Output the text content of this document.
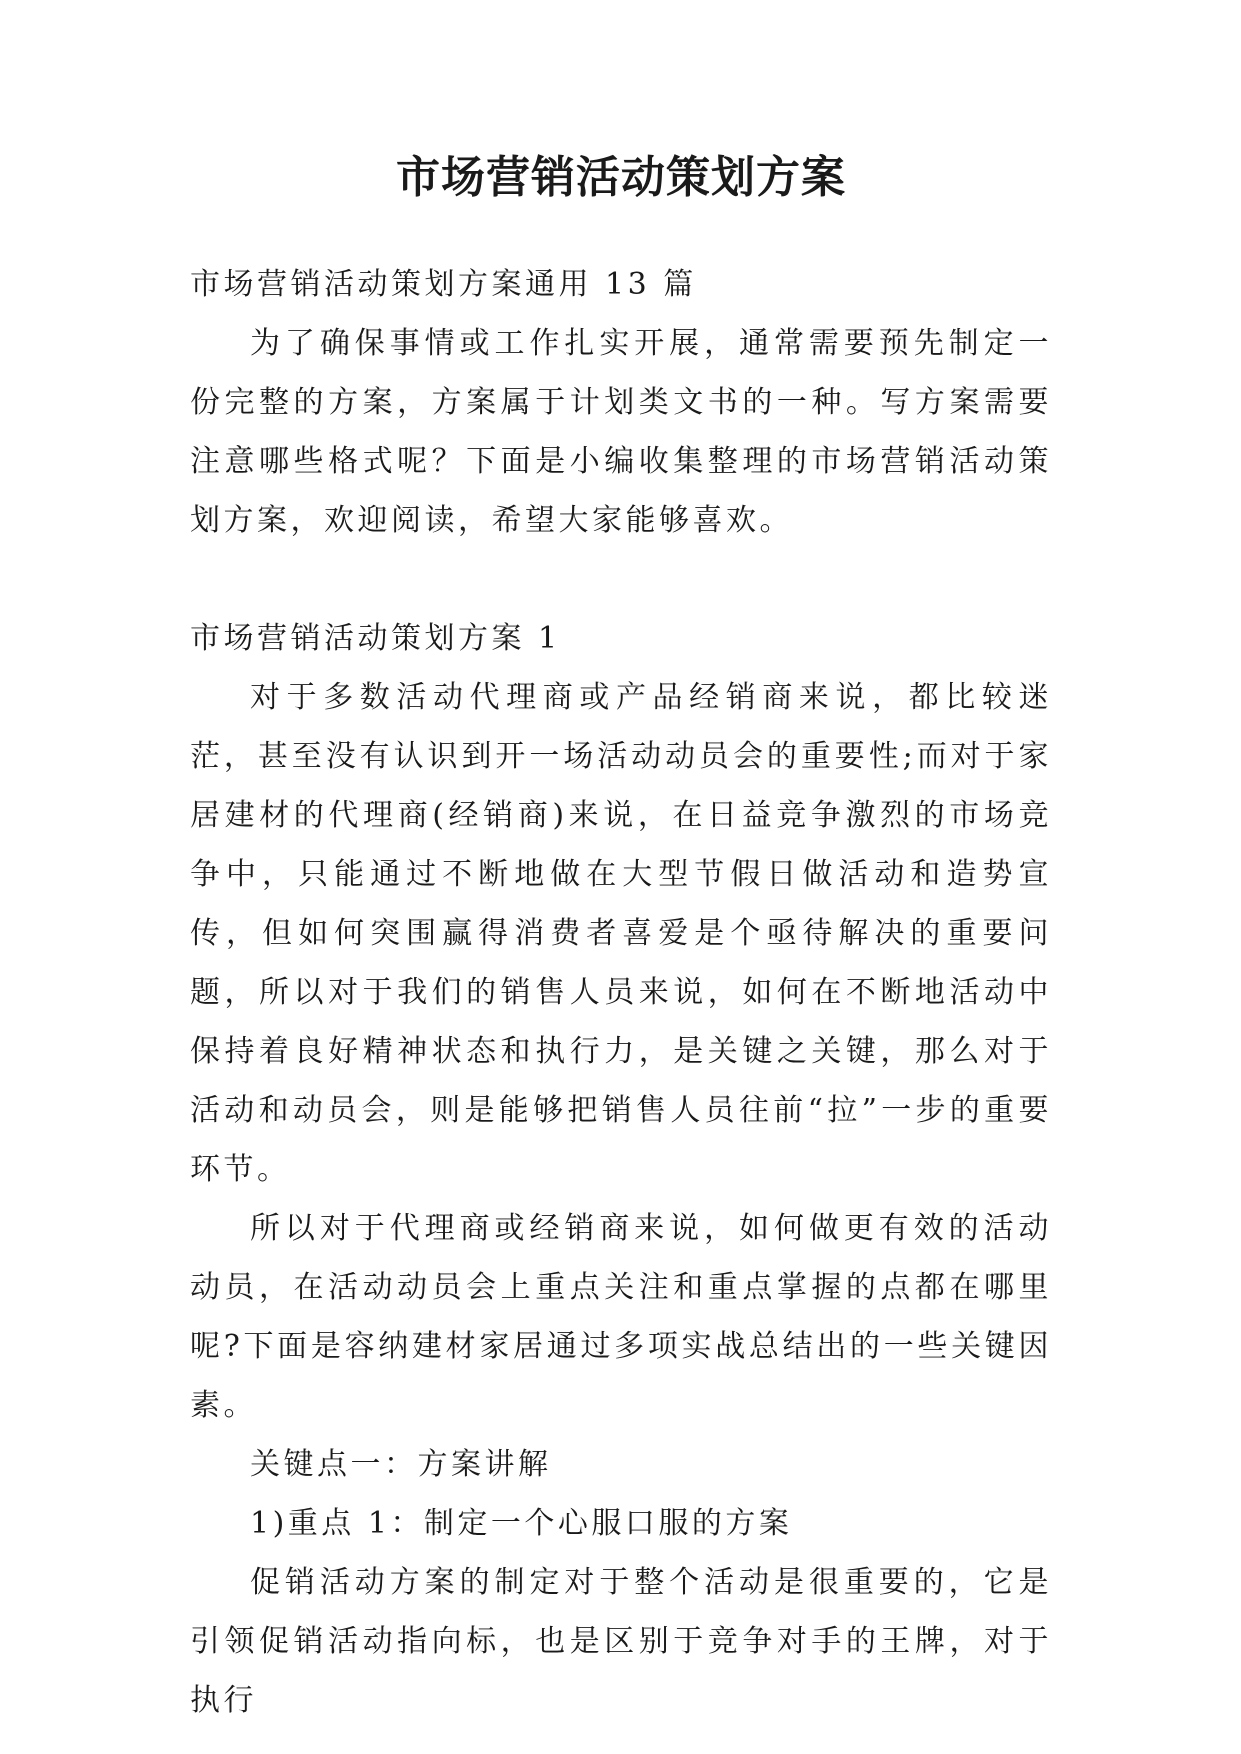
市场营销活动策划方案

市场营销活动策划方案通用 13 篇

为了确保事情或工作扎实开展，通常需要预先制定一份完整的方案，方案属于计划类文书的一种。写方案需要注意哪些格式呢？下面是小编收集整理的市场营销活动策划方案，欢迎阅读，希望大家能够喜欢。

市场营销活动策划方案 1

对于多数活动代理商或产品经销商来说，都比较迷茫，甚至没有认识到开一场活动动员会的重要性;而对于家居建材的代理商(经销商)来说，在日益竞争激烈的市场竞争中，只能通过不断地做在大型节假日做活动和造势宣传，但如何突围赢得消费者喜爱是个亟待解决的重要问题，所以对于我们的销售人员来说，如何在不断地活动中保持着良好精神状态和执行力，是关键之关键，那么对于活动和动员会，则是能够把销售人员往前“拉”一步的重要环节。

所以对于代理商或经销商来说，如何做更有效的活动动员，在活动动员会上重点关注和重点掌握的点都在哪里呢?下面是容纳建材家居通过多项实战总结出的一些关键因素。

关键点一：方案讲解

1)重点 1：制定一个心服口服的方案

促销活动方案的制定对于整个活动是很重要的，它是引领促销活动指向标，也是区别于竞争对手的王牌，对于执行
